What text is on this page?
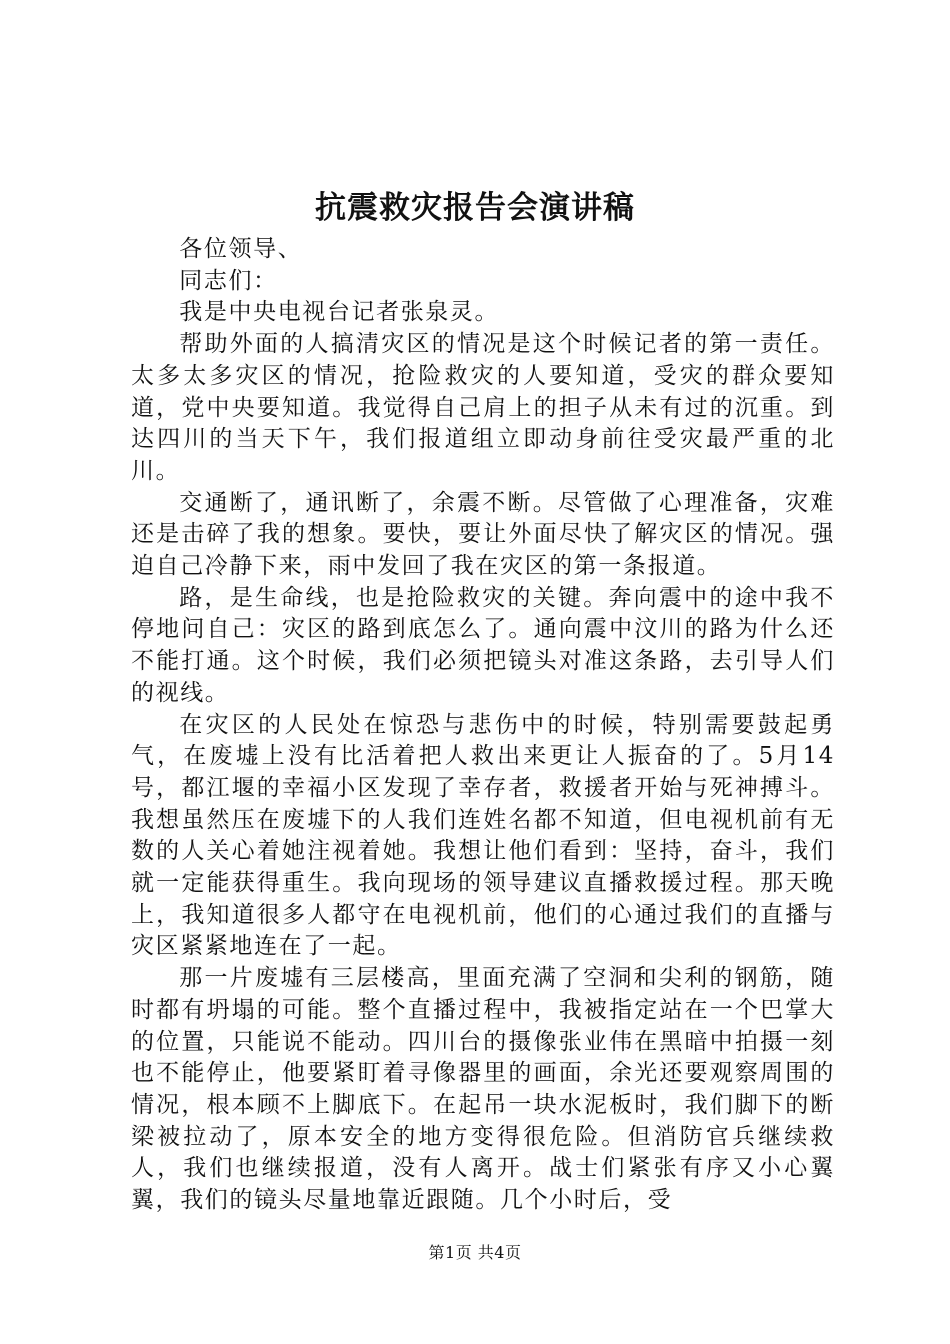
抗震救灾报告会演讲稿

各位领导、

同志们：

我是中央电视台记者张泉灵。

帮助外面的人搞清灾区的情况是这个时候记者的第一责任。太多太多灾区的情况，抢险救灾的人要知道，受灾的群众要知道，党中央要知道。我觉得自己肩上的担子从未有过的沉重。到达四川的当天下午，我们报道组立即动身前往受灾最严重的北川。

交通断了，通讯断了，余震不断。尽管做了心理准备，灾难还是击碎了我的想象。要快，要让外面尽快了解灾区的情况。强迫自己冷静下来，雨中发回了我在灾区的第一条报道。

路，是生命线，也是抢险救灾的关键。奔向震中的途中我不停地问自己：灾区的路到底怎么了。通向震中汶川的路为什么还不能打通。这个时候，我们必须把镜头对准这条路，去引导人们的视线。

在灾区的人民处在惊恐与悲伤中的时候，特别需要鼓起勇气，在废墟上没有比活着把人救出来更让人振奋的了。5月14号，都江堰的幸福小区发现了幸存者，救援者开始与死神搏斗。我想虽然压在废墟下的人我们连姓名都不知道，但电视机前有无数的人关心着她注视着她。我想让他们看到：坚持，奋斗，我们就一定能获得重生。我向现场的领导建议直播救援过程。那天晚上，我知道很多人都守在电视机前，他们的心通过我们的直播与灾区紧紧地连在了一起。

那一片废墟有三层楼高，里面充满了空洞和尖利的钢筋，随时都有坍塌的可能。整个直播过程中，我被指定站在一个巴掌大的位置，只能说不能动。四川台的摄像张业伟在黑暗中拍摄一刻也不能停止，他要紧盯着寻像器里的画面，余光还要观察周围的情况，根本顾不上脚底下。在起吊一块水泥板时，我们脚下的断梁被拉动了，原本安全的地方变得很危险。但消防官兵继续救人，我们也继续报道，没有人离开。战士们紧张有序又小心翼翼，我们的镜头尽量地靠近跟随。几个小时后，受

第1页 共4页
